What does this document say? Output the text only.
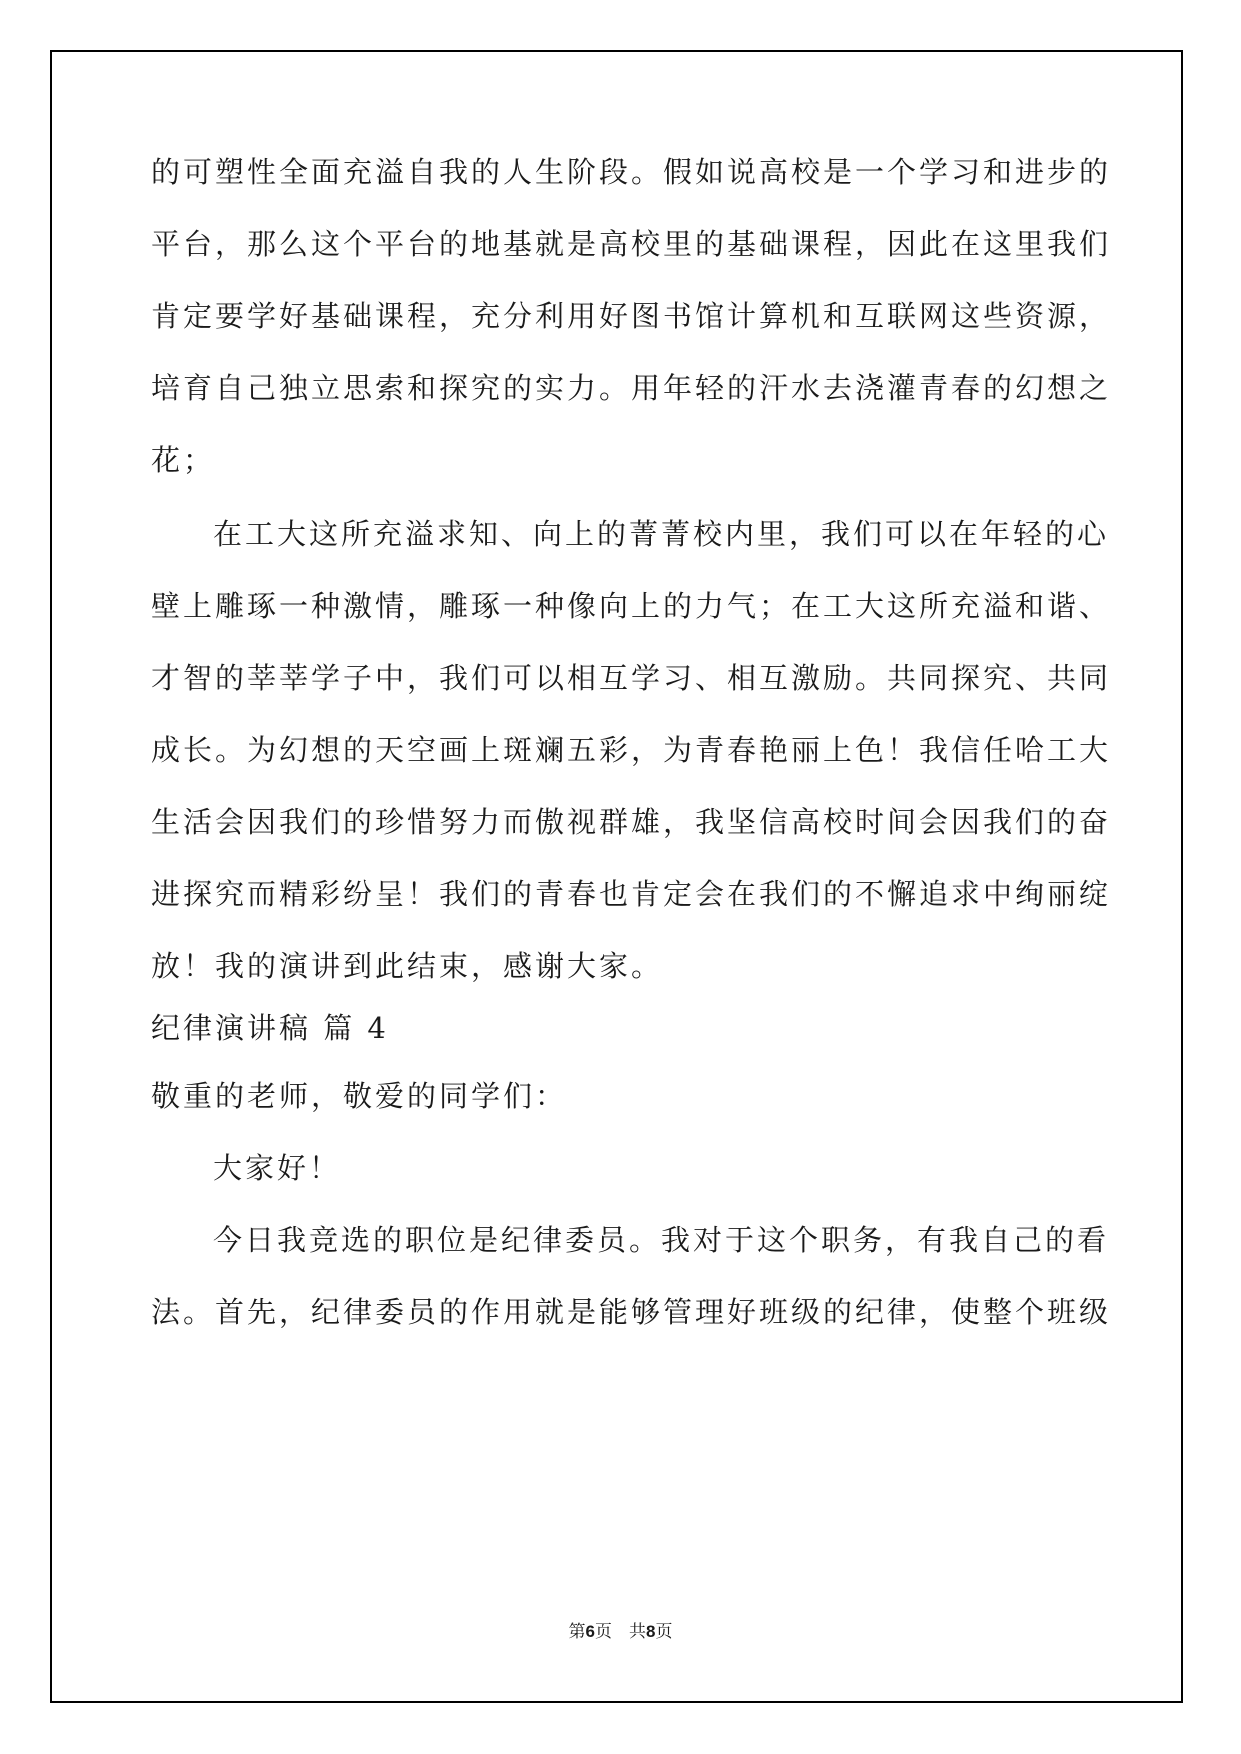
的可塑性全面充溢自我的人生阶段。假如说高校是一个学习和进步的
平台，那么这个平台的地基就是高校里的基础课程，因此在这里我们
肯定要学好基础课程，充分利用好图书馆计算机和互联网这些资源，
培育自己独立思索和探究的实力。用年轻的汗水去浇灌青春的幻想之
花；
在工大这所充溢求知、向上的菁菁校内里，我们可以在年轻的心
壁上雕琢一种激情，雕琢一种像向上的力气；在工大这所充溢和谐、
才智的莘莘学子中，我们可以相互学习、相互激励。共同探究、共同
成长。为幻想的天空画上斑斓五彩，为青春艳丽上色！我信任哈工大
生活会因我们的珍惜努力而傲视群雄，我坚信高校时间会因我们的奋
进探究而精彩纷呈！我们的青春也肯定会在我们的不懈追求中绚丽绽
放！我的演讲到此结束，感谢大家。
纪律演讲稿 篇 4
敬重的老师，敬爱的同学们：
大家好！
今日我竞选的职位是纪律委员。我对于这个职务，有我自己的看
法。首先，纪律委员的作用就是能够管理好班级的纪律，使整个班级
第6页　共8页
